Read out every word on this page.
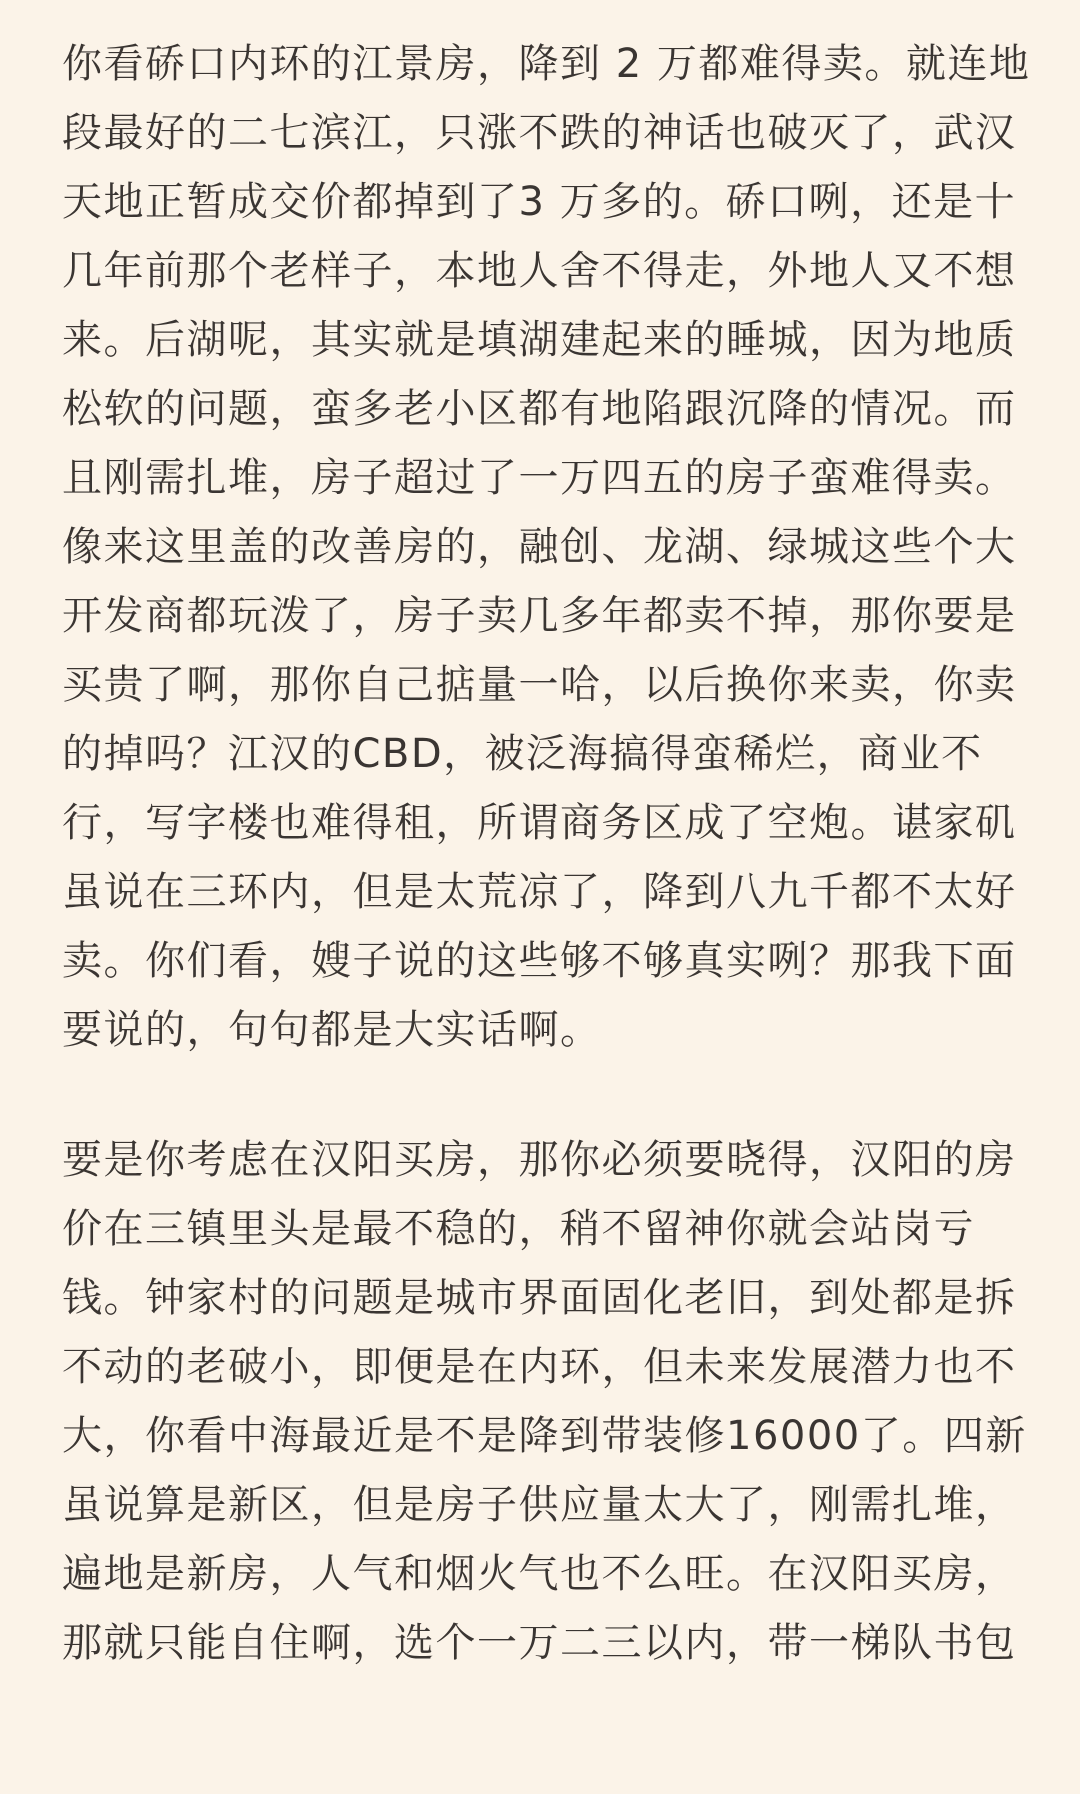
你看硚口内环的江景房，降到 2 万都难得卖。就连地
段最好的二七滨江，只涨不跌的神话也破灭了，武汉
天地正暂成交价都掉到了3 万多的。硚口咧，还是十
几年前那个老样子，本地人舍不得走，外地人又不想
来。后湖呢，其实就是填湖建起来的睡城，因为地质
松软的问题，蛮多老小区都有地陷跟沉降的情况。而
且刚需扎堆，房子超过了一万四五的房子蛮难得卖。
像来这里盖的改善房的，融创、龙湖、绿城这些个大
开发商都玩泼了，房子卖几多年都卖不掉，那你要是
买贵了啊，那你自己掂量一哈，以后换你来卖，你卖
的掉吗？江汉的CBD，被泛海搞得蛮稀烂，商业不
行，写字楼也难得租，所谓商务区成了空炮。谌家矶
虽说在三环内，但是太荒凉了，降到八九千都不太好
卖。你们看，嫂子说的这些够不够真实咧？那我下面
要说的，句句都是大实话啊。
要是你考虑在汉阳买房，那你必须要晓得，汉阳的房
价在三镇里头是最不稳的，稍不留神你就会站岗亏
钱。钟家村的问题是城市界面固化老旧，到处都是拆
不动的老破小，即便是在内环，但未来发展潜力也不
大，你看中海最近是不是降到带装修16000了。四新
虽说算是新区，但是房子供应量太大了，刚需扎堆，
遍地是新房，人气和烟火气也不么旺。在汉阳买房，
那就只能自住啊，选个一万二三以内，带一梯队书包
